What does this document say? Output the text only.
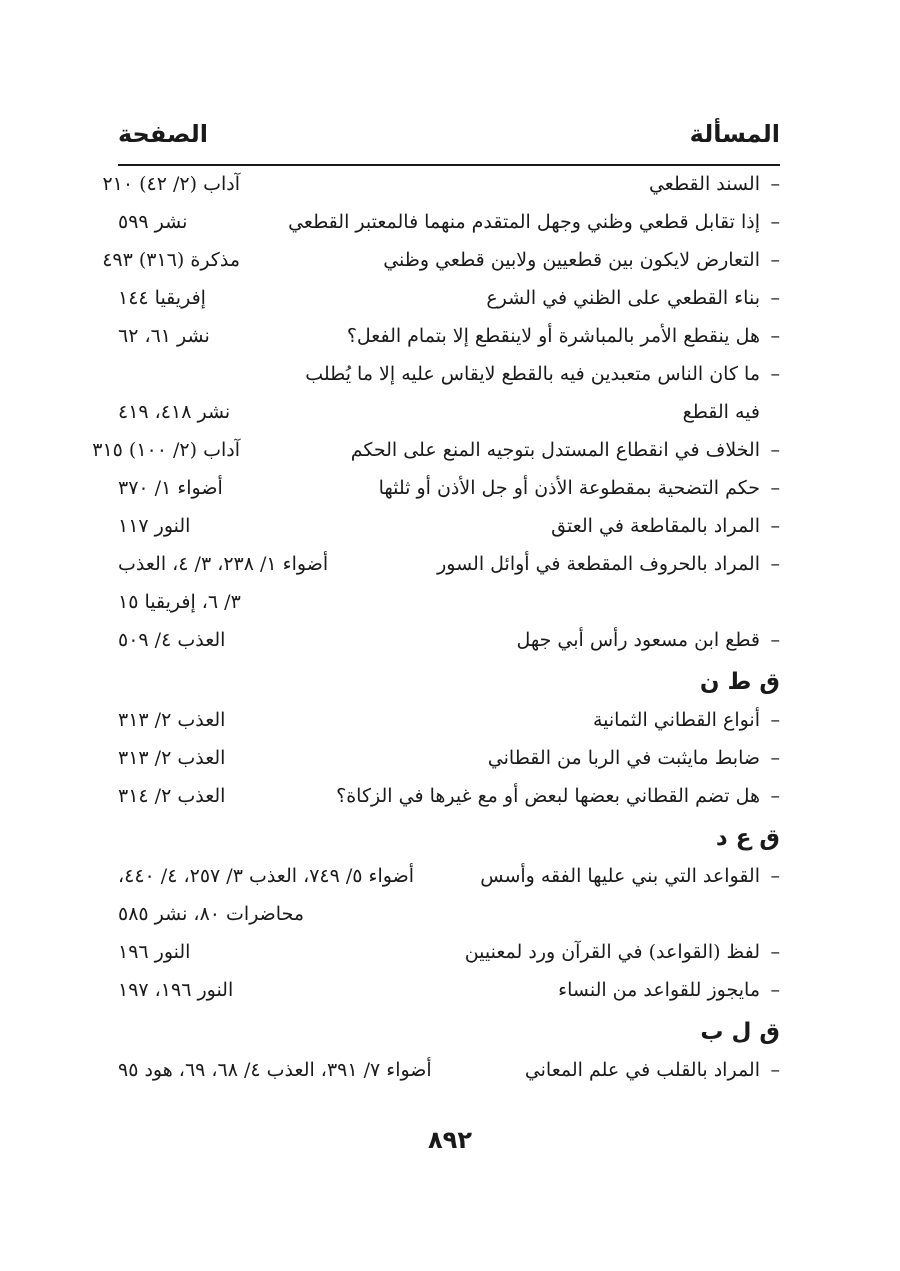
المسألة
الصفحة
–
السند القطعي
آداب (٢/ ٤٢) ٢١٠
–
إذا تقابل قطعي وظني وجهل المتقدم منهما فالمعتبر القطعي
نشر ٥٩٩
–
التعارض لايكون بين قطعيين ولابين قطعي وظني
مذكرة (٣١٦) ٤٩٣
–
بناء القطعي على الظني في الشرع
إفريقيا ١٤٤
–
هل ينقطع الأمر بالمباشرة أو لاينقطع إلا بتمام الفعل؟
نشر ٦١، ٦٢
–
ما كان الناس متعبدين فيه بالقطع لايقاس عليه إلا ما يُطلب
فيه القطع
نشر ٤١٨، ٤١٩
–
الخلاف في انقطاع المستدل بتوجيه المنع على الحكم
آداب (٢/ ١٠٠) ٣١٥
–
حكم التضحية بمقطوعة الأذن أو جل الأذن أو ثلثها
أضواء ١/ ٣٧٠
–
المراد بالمقاطعة في العتق
النور ١١٧
–
المراد بالحروف المقطعة في أوائل السور
أضواء ١/ ٢٣٨، ٣/ ٤، العذب
٣/ ٦، إفريقيا ١٥
–
قطع ابن مسعود رأس أبي جهل
العذب ٤/ ٥٠٩
ق ط ن
–
أنواع القطاني الثمانية
العذب ٢/ ٣١٣
–
ضابط مايثبت في الربا من القطاني
العذب ٢/ ٣١٣
–
هل تضم القطاني بعضها لبعض أو مع غيرها في الزكاة؟
العذب ٢/ ٣١٤
ق ع د
–
القواعد التي بني عليها الفقه وأسس
أضواء ٥/ ٧٤٩، العذب ٣/ ٢٥٧، ٤/ ٤٤٠،
محاضرات ٨٠، نشر ٥٨٥
–
لفظ (القواعد) في القرآن ورد لمعنيين
النور ١٩٦
–
مايجوز للقواعد من النساء
النور ١٩٦، ١٩٧
ق ل ب
–
المراد بالقلب في علم المعاني
أضواء ٧/ ٣٩١، العذب ٤/ ٦٨، ٦٩، هود ٩٥
٨٩٢
